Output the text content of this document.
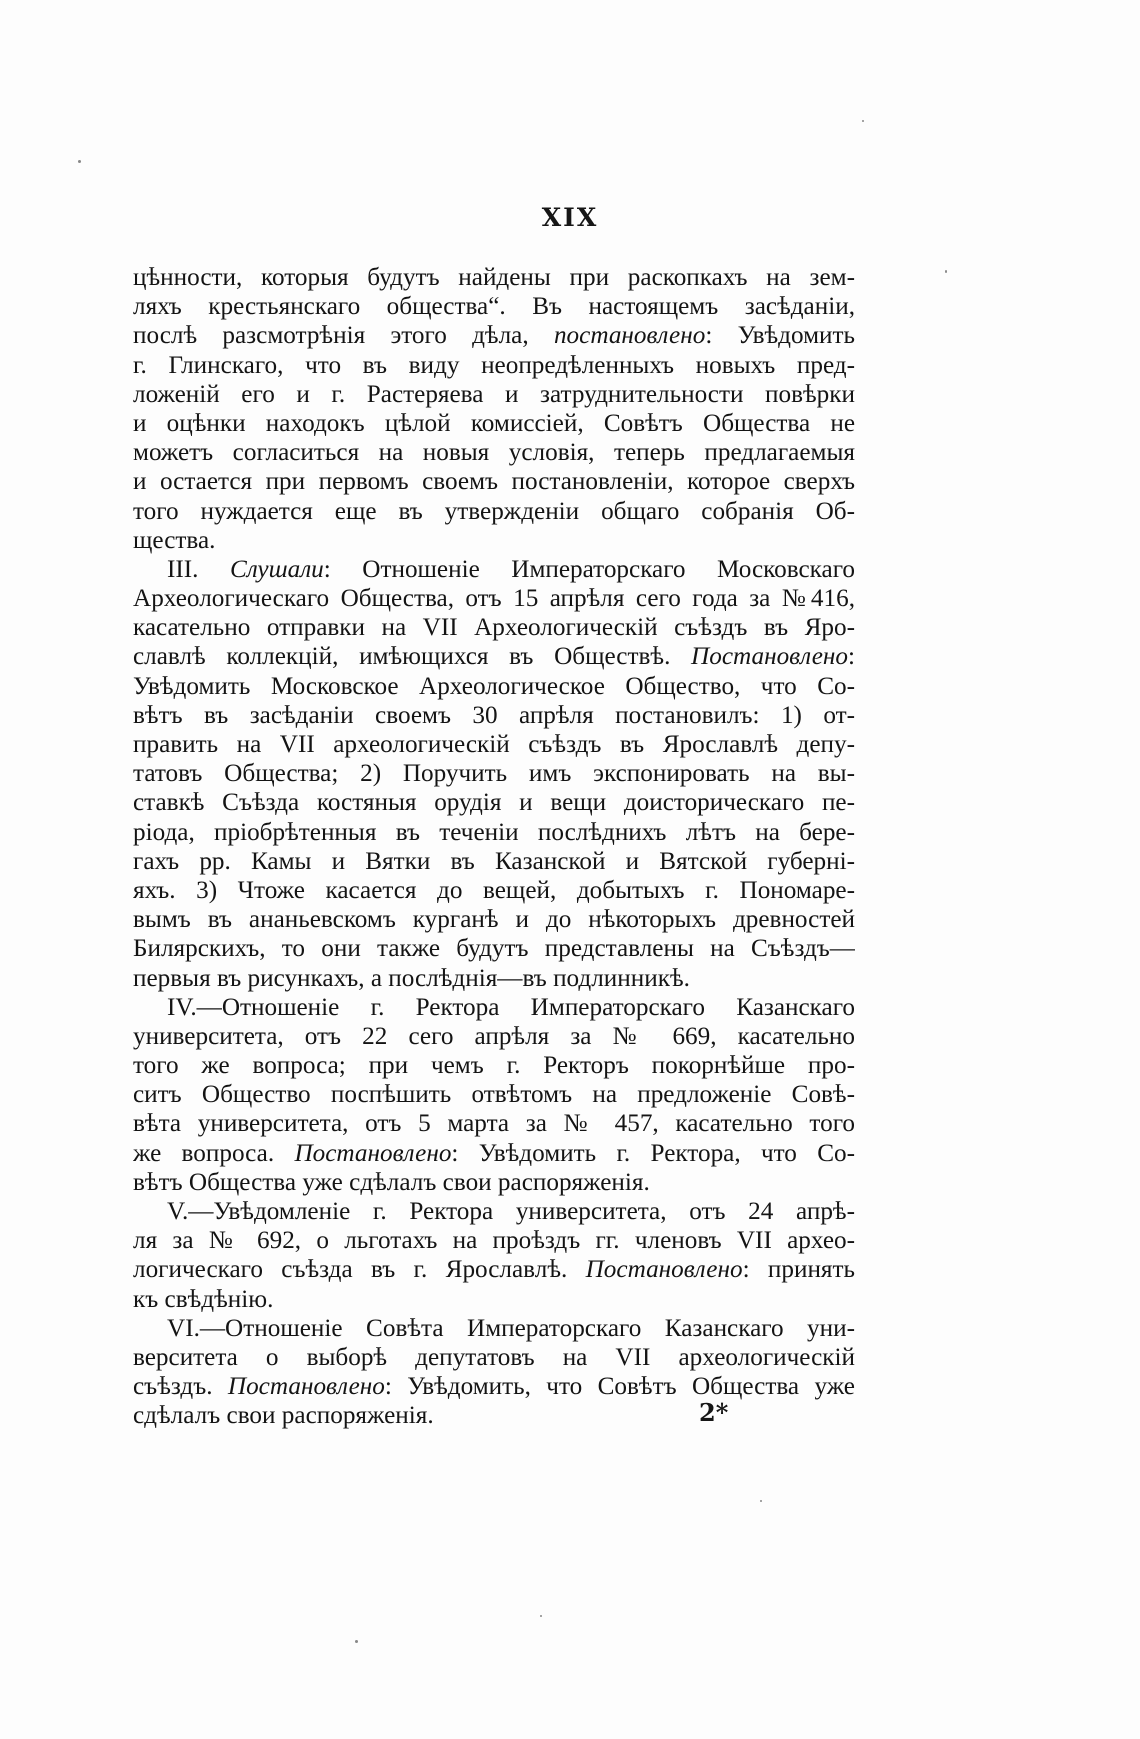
XIX
цѣнности, которыя будутъ найдены при раскопкахъ на зем-
ляхъ крестьянскаго общества“. Въ настоящемъ засѣданіи,
послѣ разсмотрѣнія этого дѣла, постановлено: Увѣдомить
г. Глинскаго, что въ виду неопредѣленныхъ новыхъ пред-
ложеній его и г. Растеряева и затруднительности повѣрки
и оцѣнки находокъ цѣлой комиссіей, Совѣтъ Общества не
можетъ согласиться на новыя условія, теперь предлагаемыя
и остается при первомъ своемъ постановленіи, которое сверхъ
того нуждается еще въ утвержденіи общаго собранія Об-
щества.
III. Слушали: Отношеніе Императорскаго Московскаго
Археологическаго Общества, отъ 15 апрѣля сего года за №416,
касательно отправки на VII Археологическій съѣздъ въ Яро-
славлѣ коллекцій, имѣющихся въ Обществѣ. Постановлено:
Увѣдомить Московское Археологическое Общество, что Со-
вѣтъ въ засѣданіи своемъ 30 апрѣля постановилъ: 1) от-
править на VII археологическій съѣздъ въ Ярославлѣ депу-
татовъ Общества; 2) Поручить имъ экспонировать на вы-
ставкѣ Съѣзда костяныя орудія и вещи доисторическаго пе-
ріода, пріобрѣтенныя въ теченіи послѣднихъ лѣтъ на бере-
гахъ рр. Камы и Вятки въ Казанской и Вятской губерні-
яхъ. 3) Чтоже касается до вещей, добытыхъ г. Пономаре-
вымъ въ ананьевскомъ курганѣ и до нѣкоторыхъ древностей
Билярскихъ, то они также будутъ представлены на Съѣздъ—
первыя въ рисункахъ, а послѣднія—въ подлинникѣ.
IV.—Отношеніе г. Ректора Императорскаго Казанскаго
университета, отъ 22 сего апрѣля за № 669, касательно
того же вопроса; при чемъ г. Ректоръ покорнѣйше про-
ситъ Общество поспѣшить отвѣтомъ на предложеніе Совѣ-
вѣта университета, отъ 5 марта за № 457, касательно того
же вопроса. Постановлено: Увѣдомить г. Ректора, что Со-
вѣтъ Общества уже сдѣлалъ свои распоряженія.
V.—Увѣдомленіе г. Ректора университета, отъ 24 апрѣ-
ля за № 692, о льготахъ на проѣздъ гг. членовъ VII архео-
логическаго съѣзда въ г. Ярославлѣ. Постановлено: принять
къ свѣдѣнію.
VI.—Отношеніе Совѣта Императорскаго Казанскаго уни-
верситета о выборѣ депутатовъ на VII археологическій
съѣздъ. Постановлено: Увѣдомить, что Совѣтъ Общества уже
сдѣлалъ свои распоряженія.	2*
